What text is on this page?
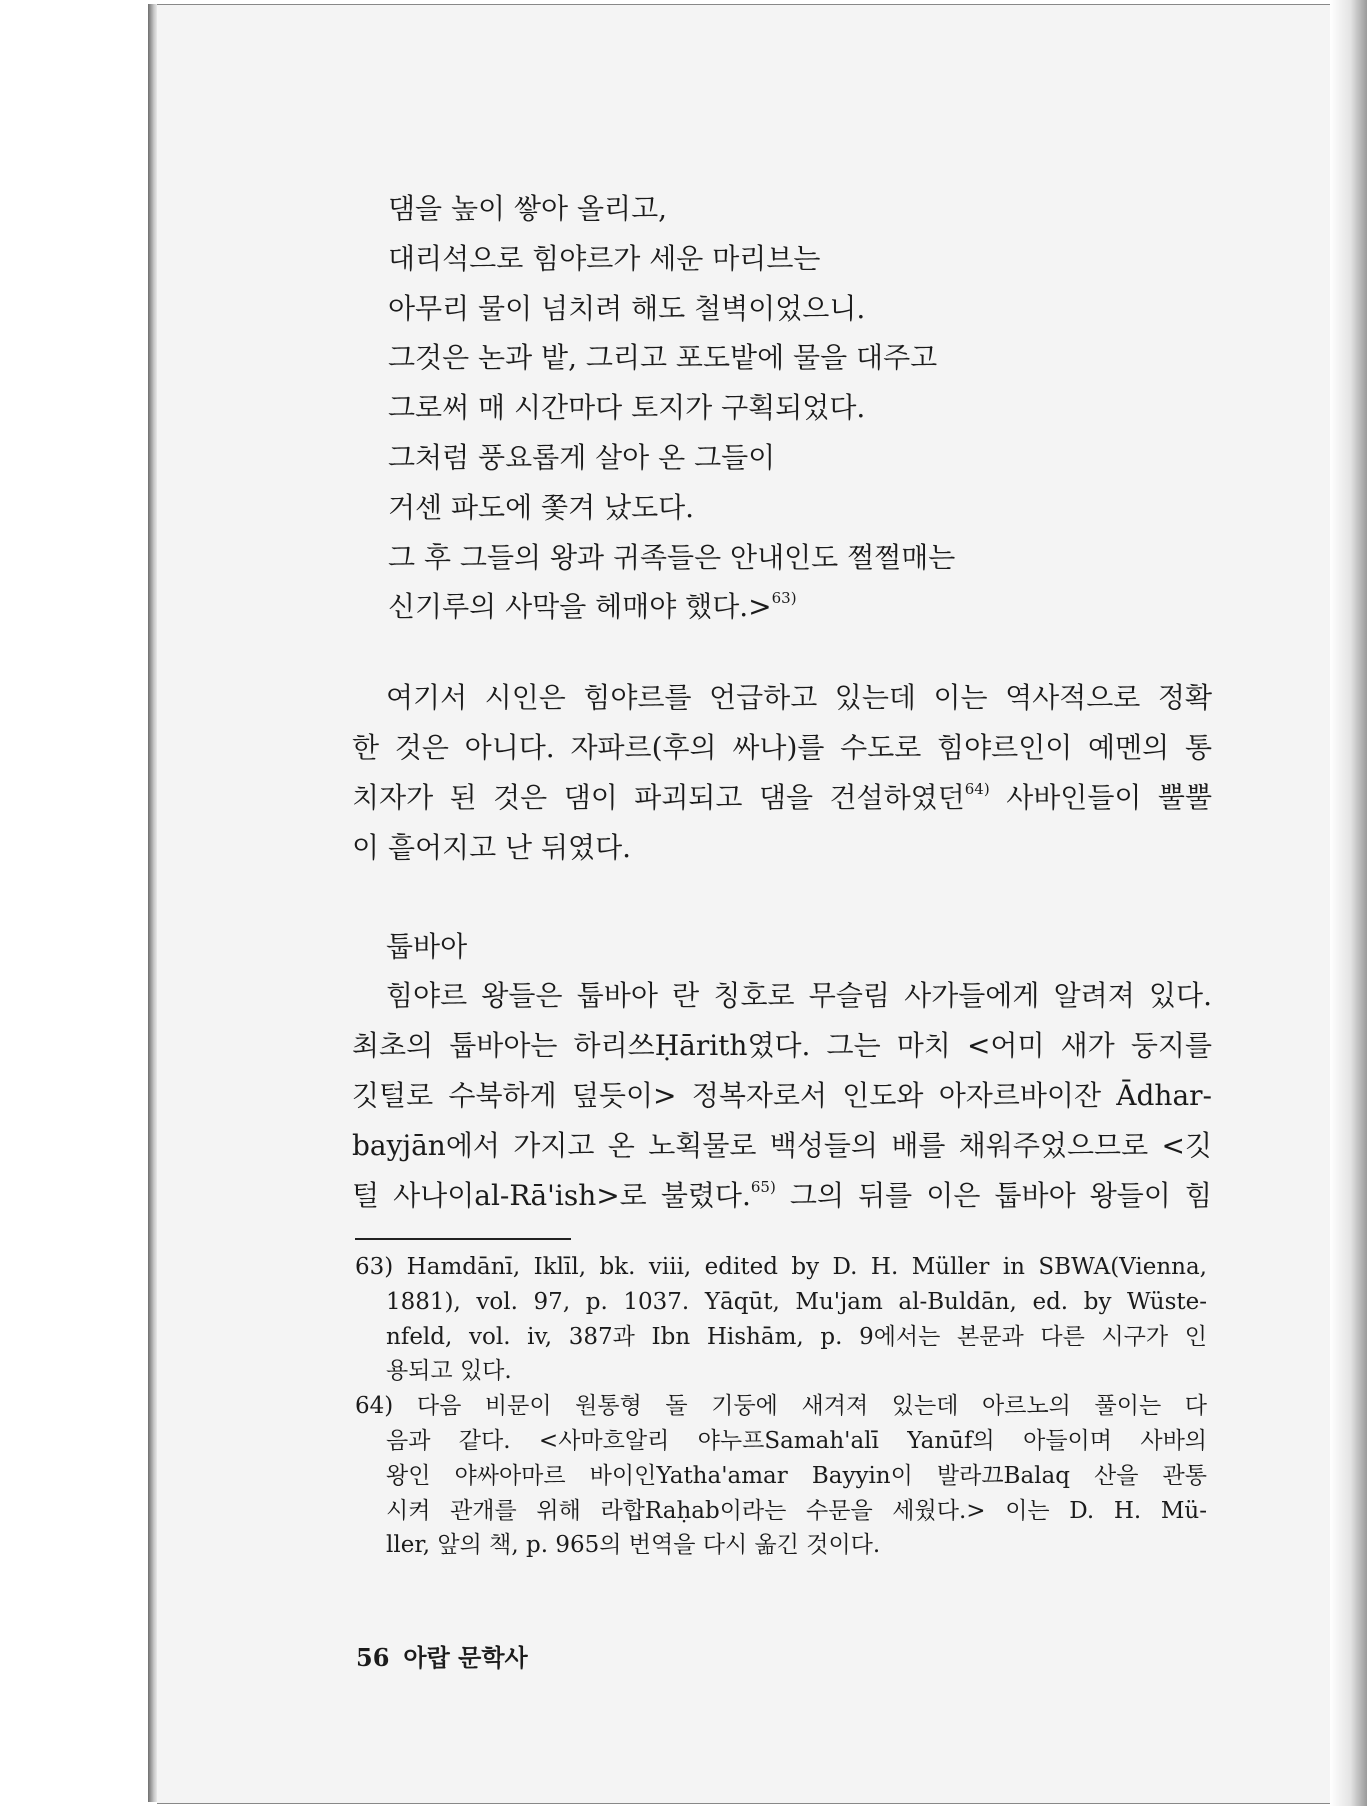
댐을 높이 쌓아 올리고,
대리석으로 힘야르가 세운 마리브는
아무리 물이 넘치려 해도 철벽이었으니.
그것은 논과 밭, 그리고 포도밭에 물을 대주고
그로써 매 시간마다 토지가 구획되었다.
그처럼 풍요롭게 살아 온 그들이
거센 파도에 쫓겨 났도다.
그 후 그들의 왕과 귀족들은 안내인도 쩔쩔매는
신기루의 사막을 헤매야 했다.>$^{63)}$
여기서 시인은 힘야르를 언급하고 있는데 이는 역사적으로 정확
한 것은 아니다. 자파르(후의 싸나)를 수도로 힘야르인이 예멘의 통
치자가 된 것은 댐이 파괴되고 댐을 건설하였던$^{64)}$ 사바인들이 뿔뿔
이 흩어지고 난 뒤였다.
툽바아
힘야르 왕들은 툽바아 란 칭호로 무슬림 사가들에게 알려져 있다.
최초의 툽바아는 하리쓰Ḥārith였다. 그는 마치 <어미 새가 둥지를
깃털로 수북하게 덮듯이> 정복자로서 인도와 아자르바이잔 Ādhar-
bayjān에서 가지고 온 노획물로 백성들의 배를 채워주었으므로 <깃
털 사나이al-Rā'ish>로 불렸다.$^{65)}$ 그의 뒤를 이은 툽바아 왕들이 힘
63) Hamdānī, Iklīl, bk. viii, edited by D. H. Müller in SBWA(Vienna,
1881), vol. 97, p. 1037. Yāqūt, Mu'jam al-Buldān, ed. by Wüste-
nfeld, vol. iv, 387과 Ibn Hishām, p. 9에서는 본문과 다른 시구가 인
용되고 있다.
64) 다음 비문이 원통형 돌 기둥에 새겨져 있는데 아르노의 풀이는 다
음과 같다. <사마흐알리 야누프Samah'alī Yanūf의 아들이며 사바의
왕인 야싸아마르 바이인Yatha'amar Bayyin이 발라끄Balaq 산을 관통
시켜 관개를 위해 라합Raḥab이라는 수문을 세웠다.> 이는 D. H. Mü-
ller, 앞의 책, p. 965의 번역을 다시 옮긴 것이다.
56 아랍 문학사
